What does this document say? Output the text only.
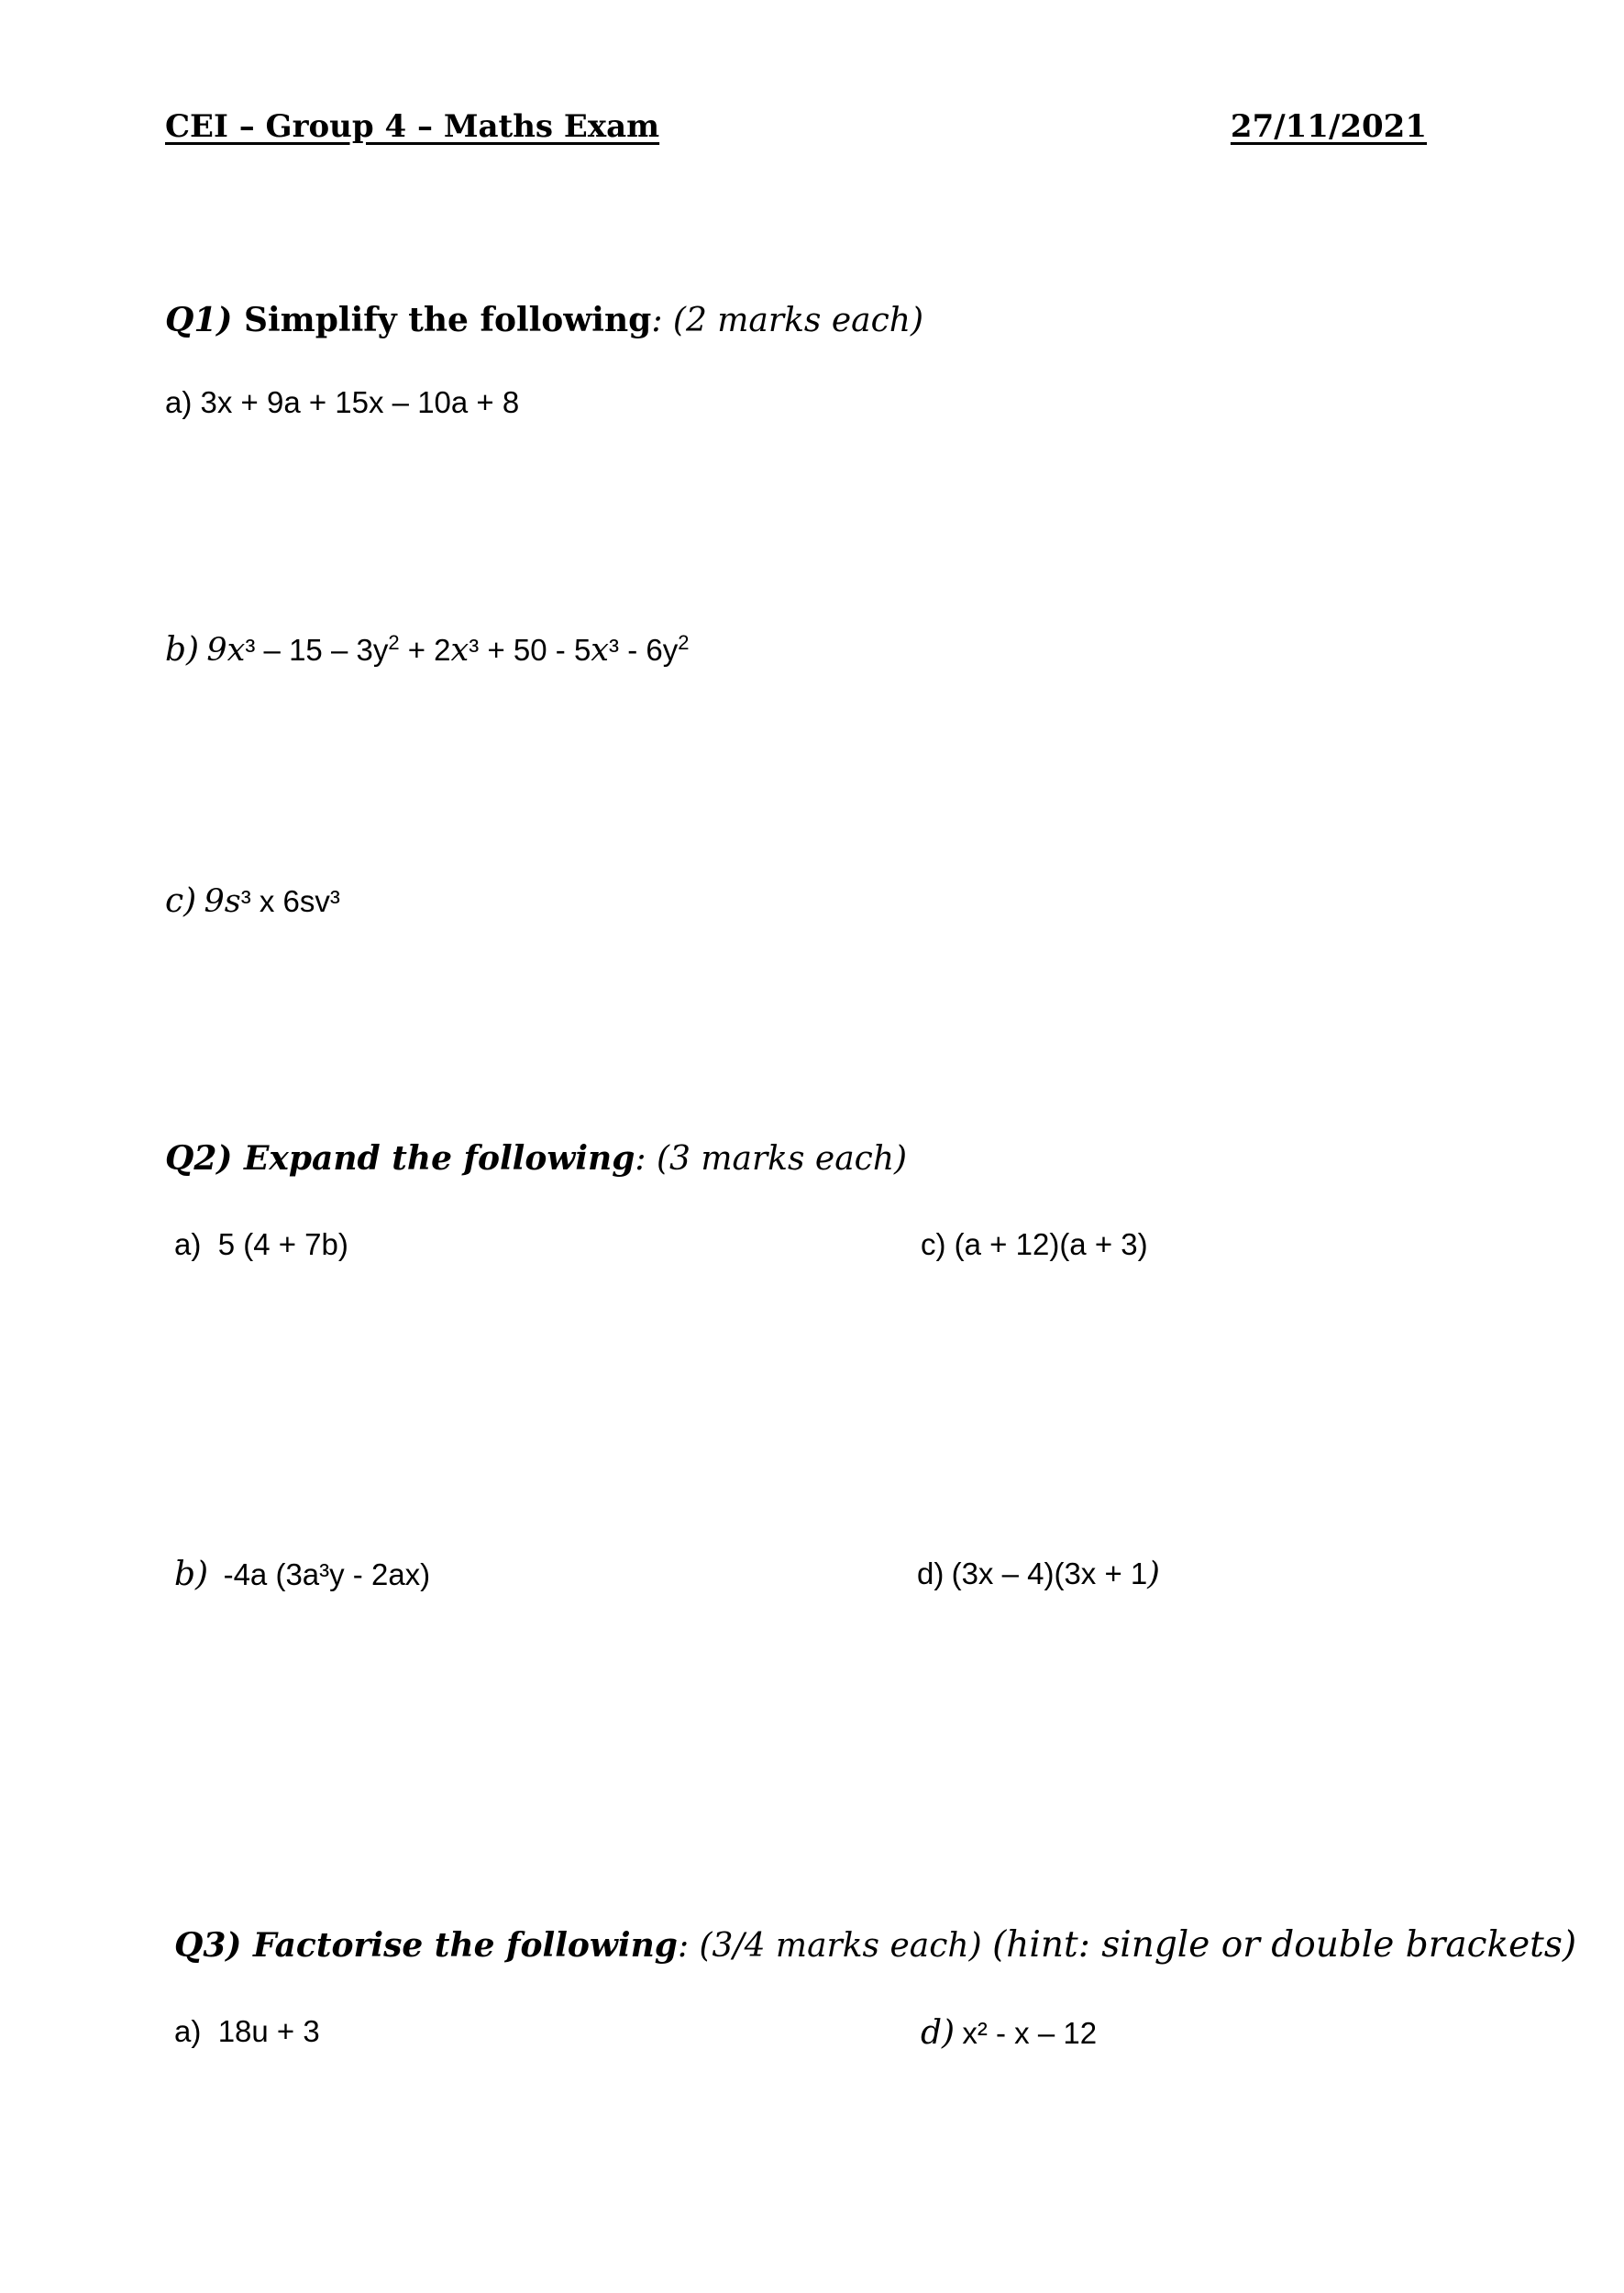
CEI – Group 4 – Maths Exam	27/11/2021
Q1) Simplify the following: (2 marks each)
a) 3x + 9a + 15x – 10a + 8
b) $9x^3 - 15 - 3y^2 + 2x^3 + 50 - 5x^3 - 6y^2$
c) 9s³ x 6sv³
Q2) Expand the following: (3 marks each)
a) 5 (4 + 7b)	c) (a + 12)(a + 3)
b) -4a (3a³y - 2ax)	d) (3x – 4)(3x + 1)
Q3) Factorise the following: (3/4 marks each) (hint: single or double brackets)
a) 18u + 3	d) x² - x – 12
